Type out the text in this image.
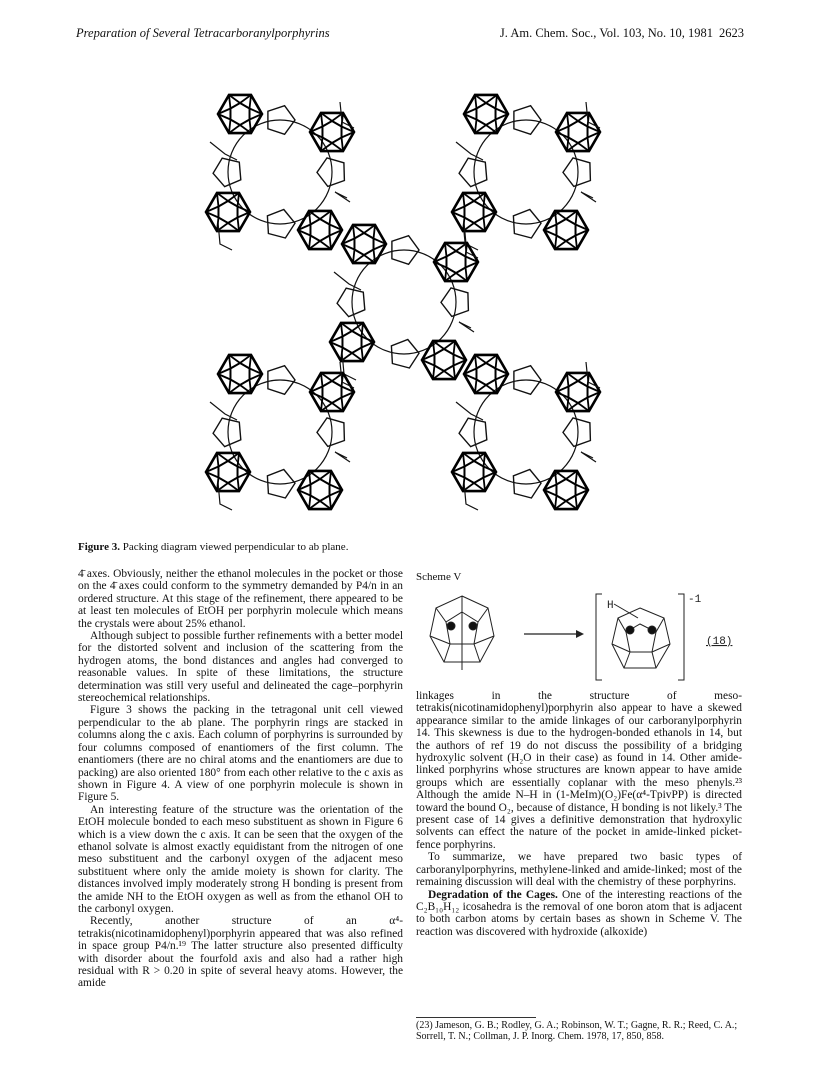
Preparation of Several Tetracarboranylporphyrins	J. Am. Chem. Soc., Vol. 103, No. 10, 1981 2623
Figure 3. Packing diagram viewed perpendicular to ab plane.

4̄ axes. Obviously, neither the ethanol molecules in the pocket or those on the 4̄ axes could conform to the symmetry demanded by P4/n in an ordered structure. At this stage of the refinement, there appeared to be at least ten molecules of EtOH per porphyrin molecule which means the crystals were about 25% ethanol.

Although subject to possible further refinements with a better model for the distorted solvent and inclusion of the scattering from the hydrogen atoms, the bond distances and angles had converged to reasonable values. In spite of these limitations, the structure determination was still very useful and delineated the cage–porphyrin stereochemical relationships.

Figure 3 shows the packing in the tetragonal unit cell viewed perpendicular to the ab plane. The porphyrin rings are stacked in columns along the c axis. Each column of porphyrins is surrounded by four columns composed of enantiomers of the first column. The enantiomers (there are no chiral atoms and the enantiomers are due to packing) are also oriented 180° from each other relative to the c axis as shown in Figure 4. A view of one porphyrin molecule is shown in Figure 5.

An interesting feature of the structure was the orientation of the EtOH molecule bonded to each meso substituent as shown in Figure 6 which is a view down the c axis. It can be seen that the oxygen of the ethanol solvate is almost exactly equidistant from the nitrogen of one meso substituent and the carbonyl oxygen of the adjacent meso substituent where only the amide moiety is shown for clarity. The distances involved imply moderately strong H bonding is present from the amide NH to the EtOH oxygen as well as from the ethanol OH to the carbonyl oxygen.

Recently, another structure of an α⁴-tetrakis(nicotinamidophenyl)porphyrin appeared that was also refined in space group P4/n.¹⁹ The latter structure also presented difficulty with disorder about the fourfold axis and also had a rather high residual with R > 0.20 in spite of several heavy atoms. However, the amide

Scheme V
H	-1
(18)

linkages in the structure of meso-tetrakis(nicotinamidophenyl)porphyrin also appear to have a skewed appearance similar to the amide linkages of our carboranylporphyrin 14. This skewness is due to the hydrogen-bonded ethanols in 14, but the authors of ref 19 do not discuss the possibility of a bridging hydroxylic solvent (H₂O in their case) as found in 14. Other amide-linked porphyrins whose structures are known appear to have amide groups which are essentially coplanar with the meso phenyls.²³ Although the amide N–H in (1-MeIm)(O₂)Fe(α⁴-TpivPP) is directed toward the bound O₂, because of distance, H bonding is not likely.³ The present case of 14 gives a definitive demonstration that hydroxylic solvents can effect the nature of the pocket in amide-linked picket-fence porphyrins.

To summarize, we have prepared two basic types of carboranylporphyrins, methylene-linked and amide-linked; most of the remaining discussion will deal with the chemistry of these porphyrins.

Degradation of the Cages. One of the interesting reactions of the C₂B₁₀H₁₂ icosahedra is the removal of one boron atom that is adjacent to both carbon atoms by certain bases as shown in Scheme V. The reaction was discovered with hydroxide (alkoxide)

(23) Jameson, G. B.; Rodley, G. A.; Robinson, W. T.; Gagne, R. R.; Reed, C. A.; Sorrell, T. N.; Collman, J. P. Inorg. Chem. 1978, 17, 850, 858.
